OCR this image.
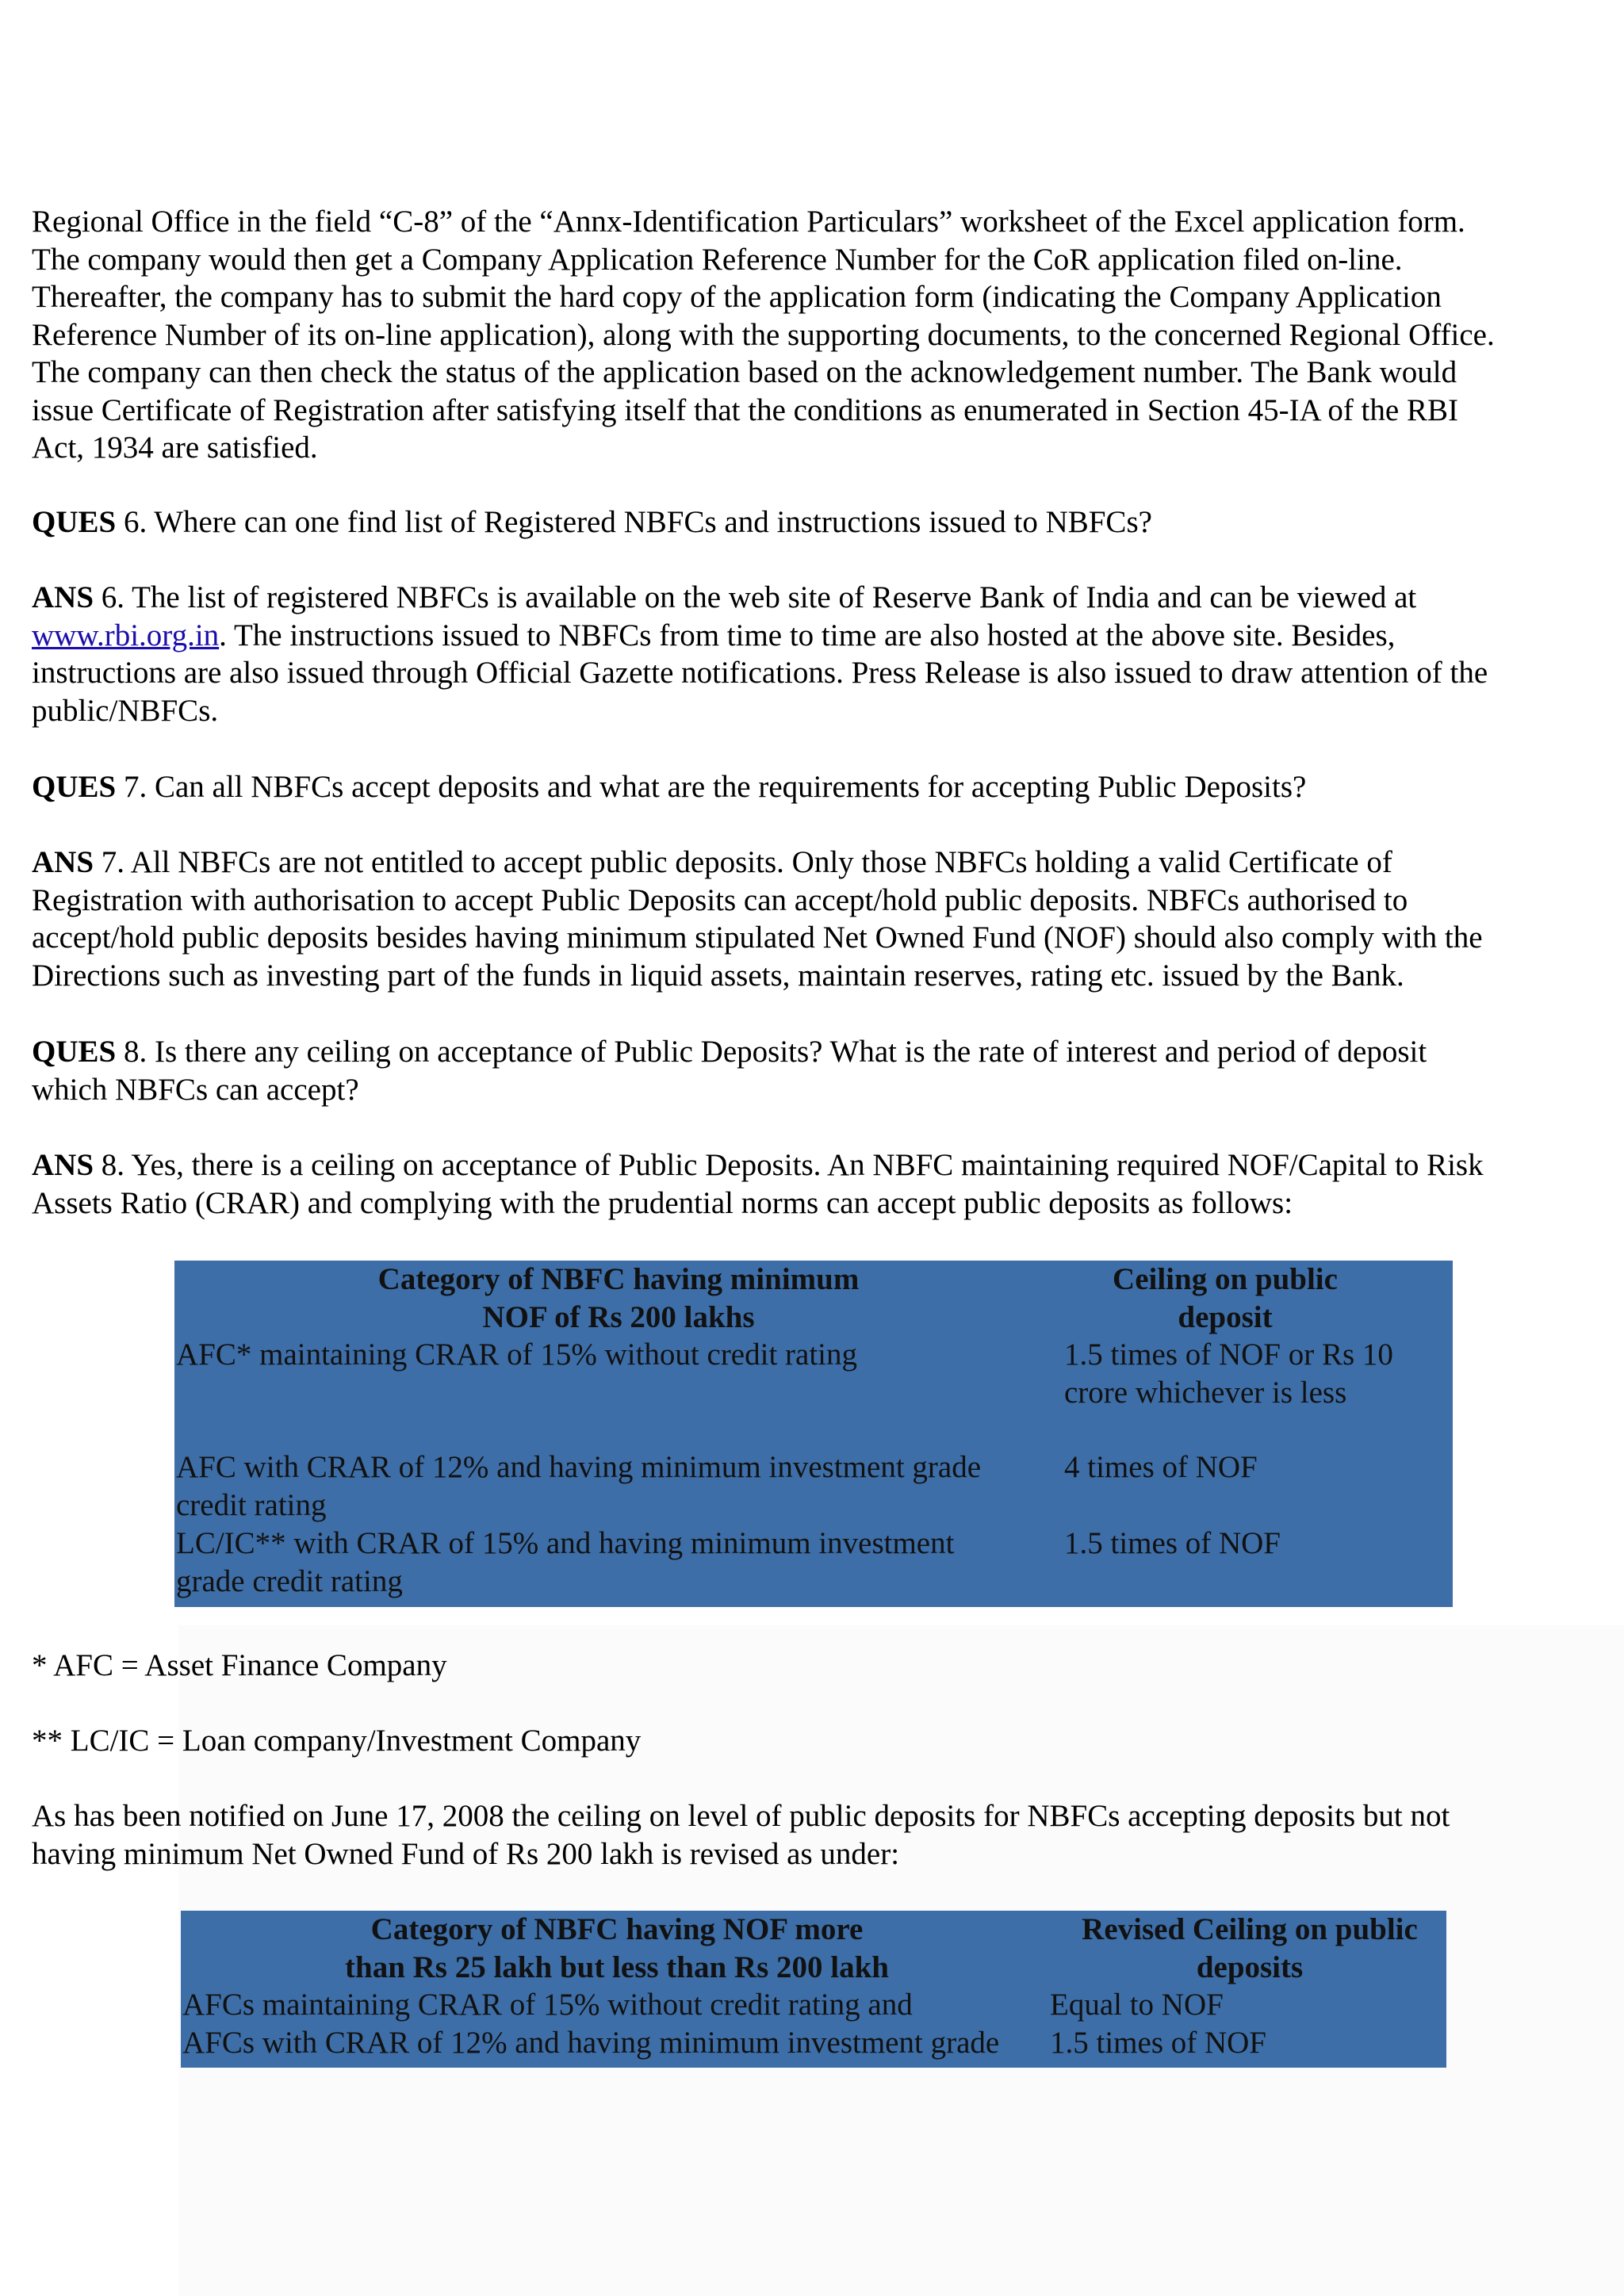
Regional Office in the field “C-8” of the “Annx-Identification Particulars” worksheet of the Excel application form.
The company would then get a Company Application Reference Number for the CoR application filed on-line.
Thereafter, the company has to submit the hard copy of the application form (indicating the Company Application
Reference Number of its on-line application), along with the supporting documents, to the concerned Regional Office.
The company can then check the status of the application based on the acknowledgement number. The Bank would
issue Certificate of Registration after satisfying itself that the conditions as enumerated in Section 45-IA of the RBI
Act, 1934 are satisfied.
QUES 6. Where can one find list of Registered NBFCs and instructions issued to NBFCs?
ANS 6. The list of registered NBFCs is available on the web site of Reserve Bank of India and can be viewed at
www.rbi.org.in. The instructions issued to NBFCs from time to time are also hosted at the above site. Besides,
instructions are also issued through Official Gazette notifications. Press Release is also issued to draw attention of the
public/NBFCs.
QUES 7. Can all NBFCs accept deposits and what are the requirements for accepting Public Deposits?
ANS 7. All NBFCs are not entitled to accept public deposits. Only those NBFCs holding a valid Certificate of
Registration with authorisation to accept Public Deposits can accept/hold public deposits. NBFCs authorised to
accept/hold public deposits besides having minimum stipulated Net Owned Fund (NOF) should also comply with the
Directions such as investing part of the funds in liquid assets, maintain reserves, rating etc. issued by the Bank.
QUES 8. Is there any ceiling on acceptance of Public Deposits? What is the rate of interest and period of deposit
which NBFCs can accept?
ANS 8. Yes, there is a ceiling on acceptance of Public Deposits. An NBFC maintaining required NOF/Capital to Risk
Assets Ratio (CRAR) and complying with the prudential norms can accept public deposits as follows:
Category of NBFC having minimum
NOF of Rs 200 lakhs
Ceiling on public
deposit
AFC* maintaining CRAR of 15% without credit rating	1.5 times of NOF or Rs 10
crore whichever is less
AFC with CRAR of 12% and having minimum investment grade
credit rating
4 times of NOF
LC/IC** with CRAR of 15% and having minimum investment
grade credit rating
1.5 times of NOF
* AFC = Asset Finance Company
** LC/IC = Loan company/Investment Company
As has been notified on June 17, 2008 the ceiling on level of public deposits for NBFCs accepting deposits but not
having minimum Net Owned Fund of Rs 200 lakh is revised as under:
Category of NBFC having NOF more
than Rs 25 lakh but less than Rs 200 lakh
Revised Ceiling on public
deposits
AFCs maintaining CRAR of 15% without credit rating and	Equal to NOF
AFCs with CRAR of 12% and having minimum investment grade 1.5 times of NOF
